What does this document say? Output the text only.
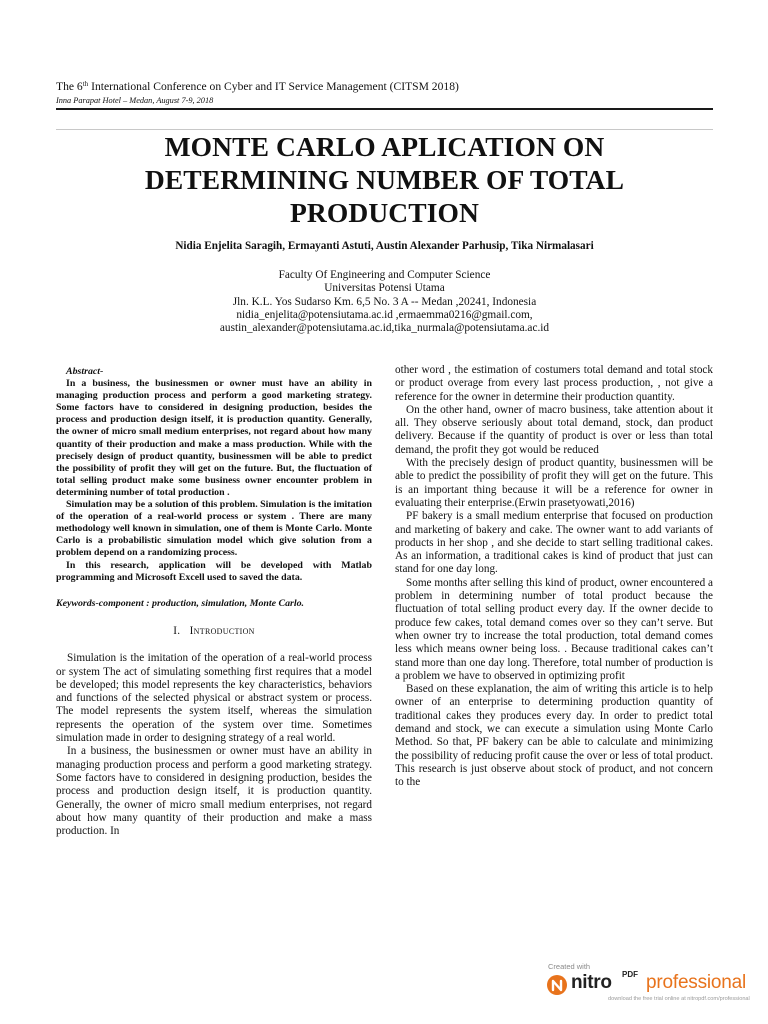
The 6th International Conference on Cyber and IT Service Management (CITSM 2018)
Inna Parapat Hotel – Medan, August 7-9, 2018
MONTE CARLO APLICATION ON
DETERMINING NUMBER OF TOTAL
PRODUCTION
Nidia Enjelita Saragih, Ermayanti Astuti, Austin Alexander Parhusip, Tika Nirmalasari
Faculty Of Engineering and Computer Science
Universitas Potensi Utama
Jln. K.L. Yos Sudarso Km. 6,5 No. 3 A -- Medan ,20241, Indonesia
nidia_enjelita@potensiutama.ac.id ,ermaemma0216@gmail.com,
austin_alexander@potensiutama.ac.id,tika_nurmala@potensiutama.ac.id
Abstract-

In a business, the businessmen or owner must have an ability in managing production process and perform a good marketing strategy. Some factors have to considered in designing production, besides the process and production design itself, it is production quantity. Generally, the owner of micro small medium enterprises, not regard about how many quantity of their production and make a mass production. While with the precisely design of product quantity, businessmen will be able to predict the possibility of profit they will get on the future. But, the fluctuation of total selling product make some business owner encounter problem in determining number of total production .

Simulation may be a solution of this problem. Simulation is the imitation of the operation of a real-world process or system . There are many methodology well known in simulation, one of them is Monte Carlo. Monte Carlo is a probabilistic simulation model which give solution from a problem depend on a randomizing process.

In this research, application will be developed with Matlab programming and Microsoft Excell used to saved the data.

Keywords-component : production, simulation, Monte Carlo.
I. Introduction

Simulation is the imitation of the operation of a real-world process or system The act of simulating something first requires that a model be developed; this model represents the key characteristics, behaviors and functions of the selected physical or abstract system or process. The model represents the system itself, whereas the simulation represents the operation of the system over time. Sometimes simulation made in order to designing strategy of a real world.

In a business, the businessmen or owner must have an ability in managing production process and perform a good marketing strategy. Some factors have to considered in designing production, besides the process and production design itself, it is production quantity. Generally, the owner of micro small medium enterprises, not regard about how many quantity of their production and make a mass production. In

other word , the estimation of costumers total demand and total stock or product overage from every last process production, , not give a reference for the owner in determine their production quantity.

On the other hand, owner of macro business, take attention about it all. They observe seriously about total demand, stock, dan product delivery. Because if the quantity of product is over or less than total demand, the profit they got would be reduced

With the precisely design of product quantity, businessmen will be able to predict the possibility of profit they will get on the future. This is an important thing because it will be a reference for owner in evaluating their enterprise.(Erwin prasetyowati,2016)

PF bakery is a small medium enterprise that focused on production and marketing of bakery and cake. The owner want to add variants of products in her shop , and she decide to start selling traditional cakes. As an information, a traditional cakes is kind of product that just can stand for one day long.

Some months after selling this kind of product, owner encountered a problem in determining number of total product because the fluctuation of total selling product every day. If the owner decide to produce few cakes, total demand comes over so they can’t serve. But when owner try to increase the total production, total demand comes less which means owner being loss. . Because traditional cakes can’t stand more than one day long. Therefore, total number of production is a problem we have to observed in optimizing profit

Based on these explanation, the aim of writing this article is to help owner of an enterprise to determining production quantity of traditional cakes they produces every day. In order to predict total demand and stock, we can execute a simulation using Monte Carlo Method. So that, PF bakery can be able to calculate and minimizing the possibility of reducing profit cause the over or less of total product. This research is just observe about stock of product, and not concern to the

Created with
nitro PDF professional
download the free trial online at nitropdf.com/professional
